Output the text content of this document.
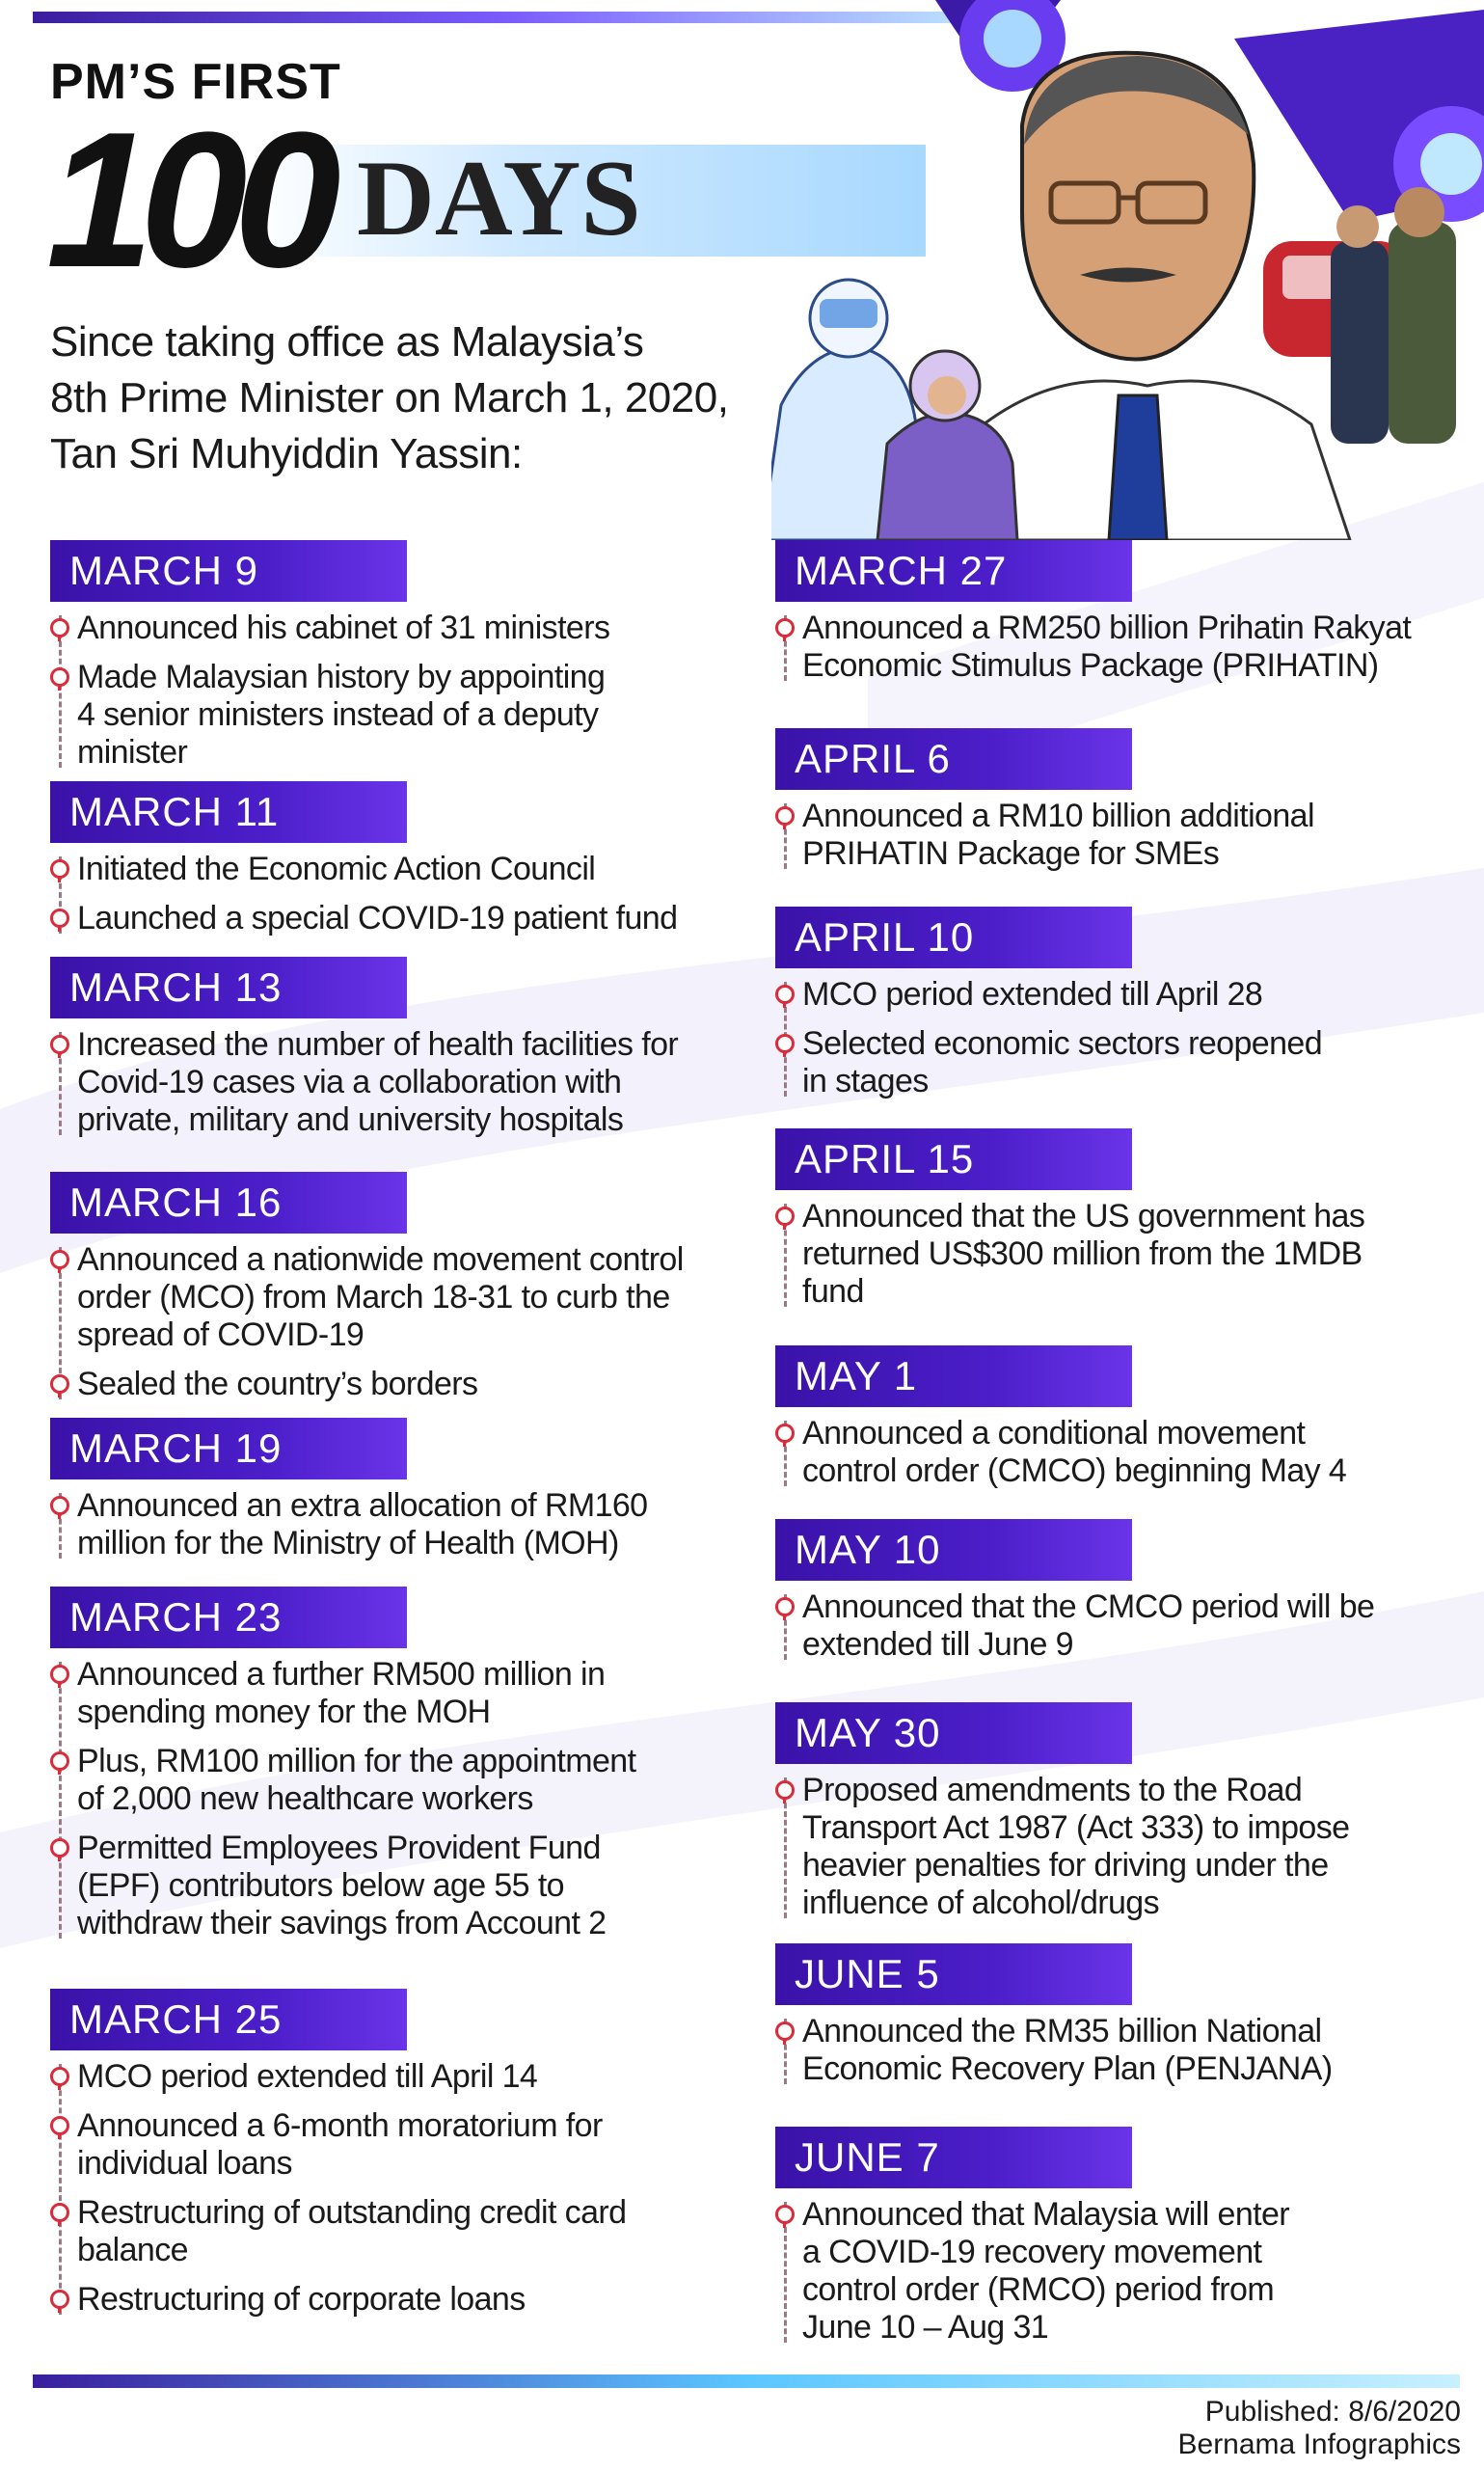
PM’S FIRST
100 DAYS
Since taking office as Malaysia’s
8th Prime Minister on March 1, 2020,
Tan Sri Muhyiddin Yassin:
MARCH 9
Announced his cabinet of 31 ministers
Made Malaysian history by appointing
4 senior ministers instead of a deputy
minister
MARCH 11
Initiated the Economic Action Council
Launched a special COVID-19 patient fund
MARCH 13
Increased the number of health facilities for
Covid-19 cases via a collaboration with
private, military and university hospitals
MARCH 16
Announced a nationwide movement control
order (MCO) from March 18-31 to curb the
spread of COVID-19
Sealed the country’s borders
MARCH 19
Announced an extra allocation of RM160
million for the Ministry of Health (MOH)
MARCH 23
Announced a further RM500 million in
spending money for the MOH
Plus, RM100 million for the appointment
of 2,000 new healthcare workers
Permitted Employees Provident Fund
(EPF) contributors below age 55 to
withdraw their savings from Account 2
MARCH 25
MCO period extended till April 14
Announced a 6-month moratorium for
individual loans
Restructuring of outstanding credit card
balance
Restructuring of corporate loans
MARCH 27
Announced a RM250 billion Prihatin Rakyat
Economic Stimulus Package (PRIHATIN)
APRIL 6
Announced a RM10 billion additional
PRIHATIN Package for SMEs
APRIL 10
MCO period extended till April 28
Selected economic sectors reopened
in stages
APRIL 15
Announced that the US government has
returned US$300 million from the 1MDB
fund
MAY 1
Announced a conditional movement
control order (CMCO) beginning May 4
MAY 10
Announced that the CMCO period will be
extended till June 9
MAY 30
Proposed amendments to the Road
Transport Act 1987 (Act 333) to impose
heavier penalties for driving under the
influence of alcohol/drugs
JUNE 5
Announced the RM35 billion National
Economic Recovery Plan (PENJANA)
JUNE 7
Announced that Malaysia will enter
a COVID-19 recovery movement
control order (RMCO) period from
June 10 – Aug 31
Published: 8/6/2020
Bernama Infographics
